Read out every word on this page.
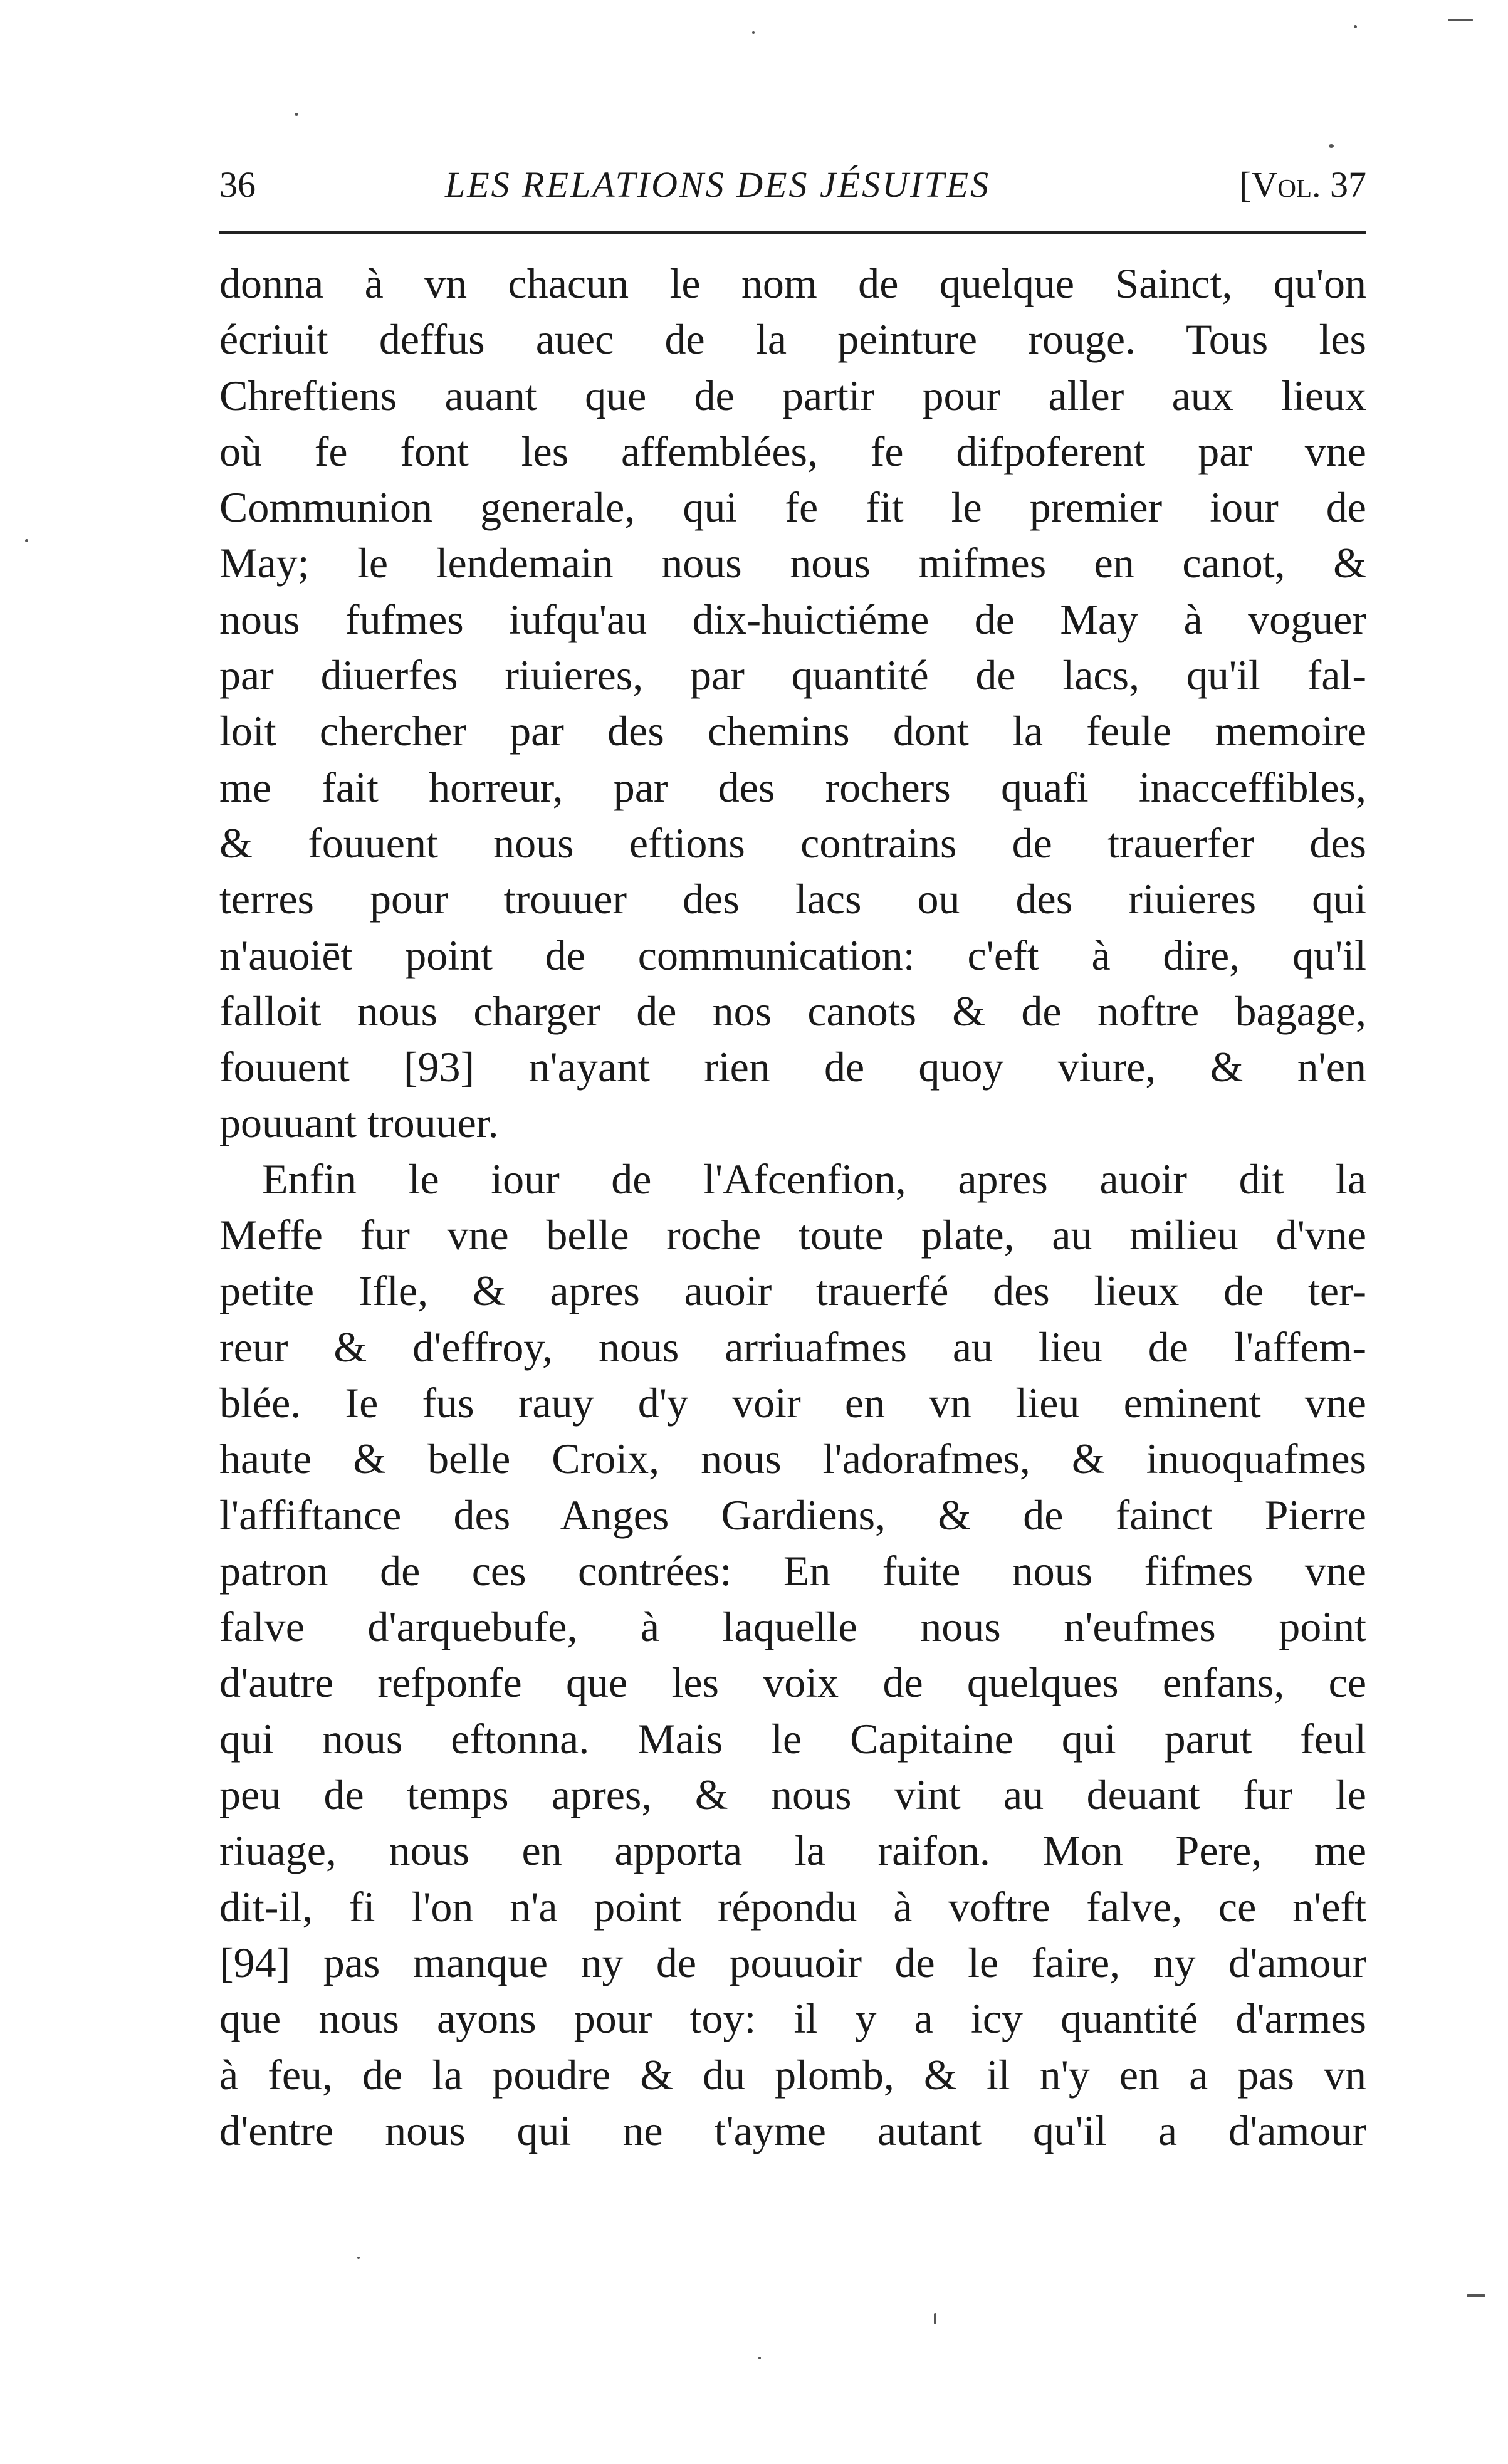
36	LES RELATIONS DES JÉSUITES	[Vol. 37
donna à vn chacun le nom de quelque Sainct, qu'on
écriuit deffus auec de la peinture rouge. Tous les
Chreftiens auant que de partir pour aller aux lieux
où fe font les affemblées, fe difpoferent par vne
Communion generale, qui fe fit le premier iour de
May; le lendemain nous nous mifmes en canot, &
nous fufmes iufqu'au dix-huictiéme de May à voguer
par diuerfes riuieres, par quantité de lacs, qu'il fal-
loit chercher par des chemins dont la feule memoire
me fait horreur, par des rochers quafi inacceffibles,
& fouuent nous eftions contrains de trauerfer des
terres pour trouuer des lacs ou des riuieres qui
n'auoiēt point de communication: c'eft à dire, qu'il
falloit nous charger de nos canots & de noftre bagage,
fouuent [93] n'ayant rien de quoy viure, & n'en
pouuant trouuer.
Enfin le iour de l'Afcenfion, apres auoir dit la
Meffe fur vne belle roche toute plate, au milieu d'vne
petite Ifle, & apres auoir trauerfé des lieux de ter-
reur & d'effroy, nous arriuafmes au lieu de l'affem-
blée. Ie fus rauy d'y voir en vn lieu eminent vne
haute & belle Croix, nous l'adorafmes, & inuoquafmes
l'affiftance des Anges Gardiens, & de fainct Pierre
patron de ces contrées: En fuite nous fifmes vne
falve d'arquebufe, à laquelle nous n'eufmes point
d'autre refponfe que les voix de quelques enfans, ce
qui nous eftonna. Mais le Capitaine qui parut feul
peu de temps apres, & nous vint au deuant fur le
riuage, nous en apporta la raifon. Mon Pere, me
dit-il, fi l'on n'a point répondu à voftre falve, ce n'eft
[94] pas manque ny de pouuoir de le faire, ny d'amour
que nous ayons pour toy: il y a icy quantité d'armes
à feu, de la poudre & du plomb, & il n'y en a pas vn
d'entre nous qui ne t'ayme autant qu'il a d'amour
